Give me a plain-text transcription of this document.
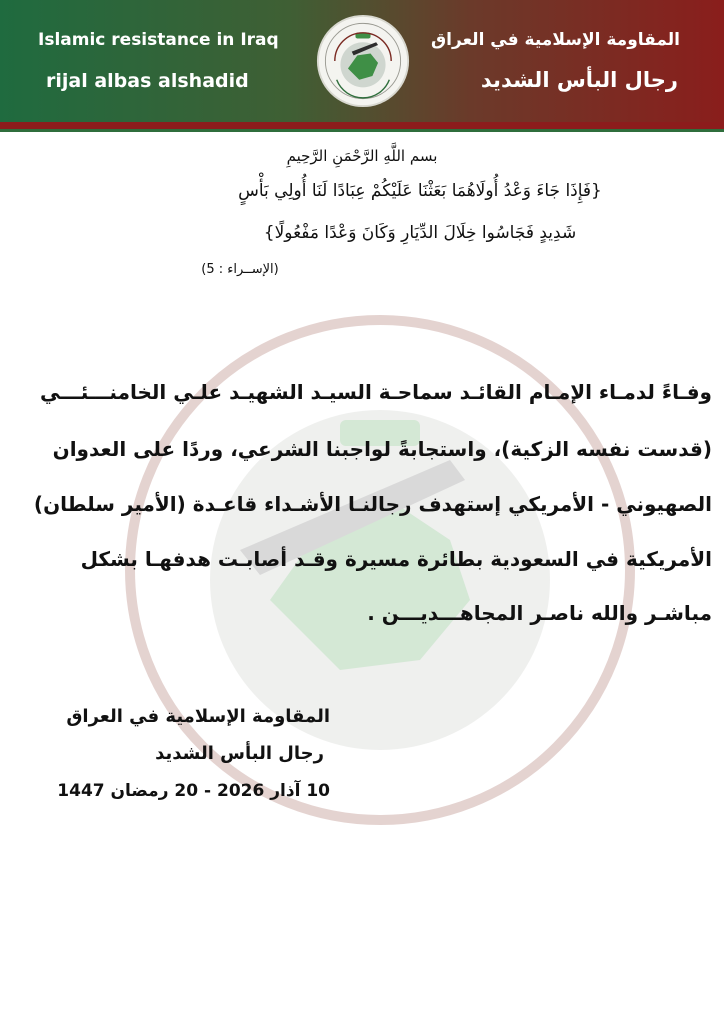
Islamic resistance in Iraq
rijal albas alshadid
المقاومة الإسلامية في العراق
رجال البأس الشديد
بسم اللَّهِ الرَّحْمَنِ الرَّحِيمِ
{فَإِذَا جَاءَ وَعْدُ أُولَاهُمَا بَعَثْنَا عَلَيْكُمْ عِبَادًا لَنَا أُولِي بَأْسٍ
شَدِيدٍ فَجَاسُوا خِلَالَ الدِّيَارِ وَكَانَ وَعْدًا مَفْعُولًا}
(الإســراء : 5)
وفـاءً لدمـاء الإمـام القائـد سماحـة السيـد الشهيـد علـي الخامنـــئـــي
(قدست نفسه الزكية)، واستجابةً لواجبنا الشرعي، وردًا على العدوان
الصهيوني - الأمريكي إستهدف رجالنـا الأشـداء قاعـدة (الأمير سلطان)
الأمريكية في السعودية بطائرة مسيرة وقـد أصابـت هدفهـا بشكل
مباشـر والله ناصـر المجاهـــديـــن .
المقاومة الإسلامية في العراق
رجال البأس الشديد
10 آذار 2026 - 20 رمضان 1447
